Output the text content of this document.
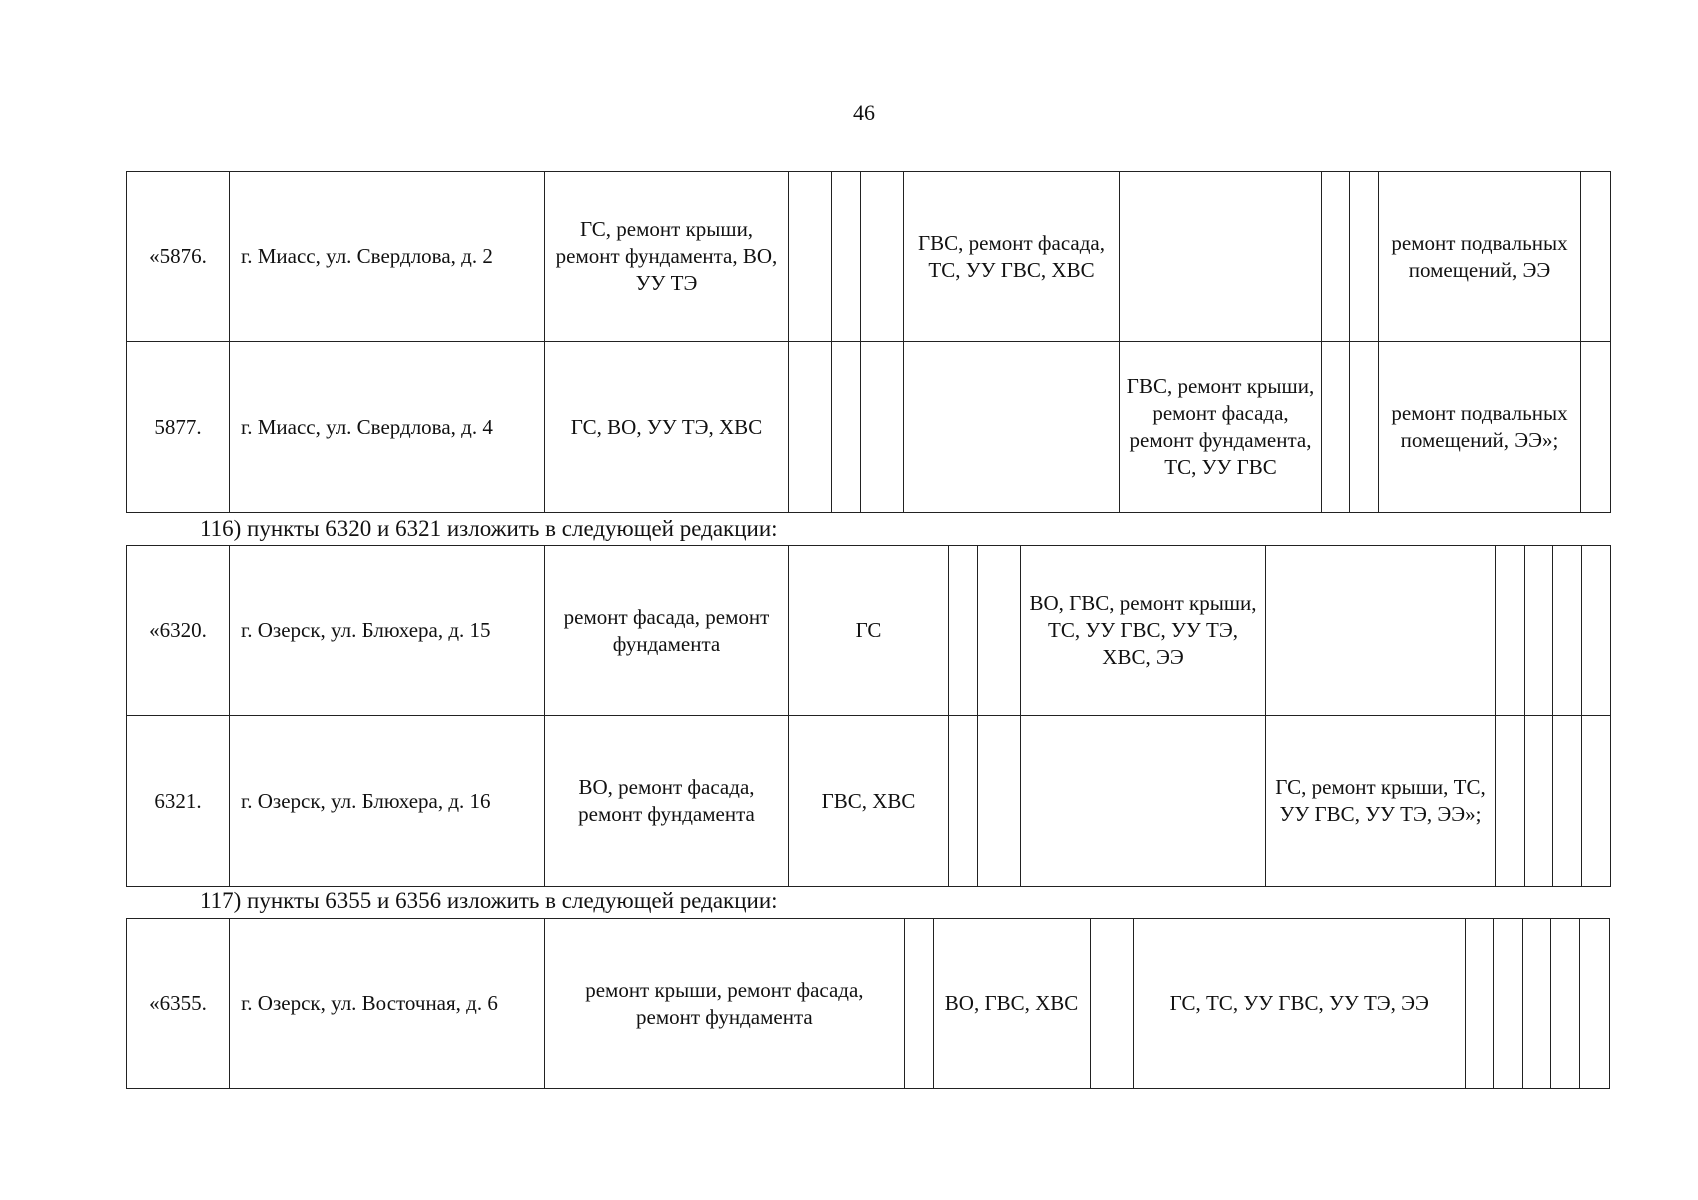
46
«5876.	г. Миасс, ул. Свердлова, д. 2	ГС, ремонт крыши, ремонт фундамента, ВО, УУ ТЭ				ГВС, ремонт фасада, ТС, УУ ГВС, ХВС				ремонт подвальных помещений, ЭЭ	
5877.	г. Миасс, ул. Свердлова, д. 4	ГС, ВО, УУ ТЭ, ХВС					ГВС, ремонт крыши, ремонт фасада, ремонт фундамента, ТС, УУ ГВС			ремонт подвальных помещений, ЭЭ»;	
116) пункты 6320 и 6321 изложить в следующей редакции:
«6320.	г. Озерск, ул. Блюхера, д. 15	ремонт фасада, ремонт фундамента	ГС			ВО, ГВС, ремонт крыши, ТС, УУ ГВС, УУ ТЭ, ХВС, ЭЭ					
6321.	г. Озерск, ул. Блюхера, д. 16	ВО, ремонт фасада, ремонт фундамента	ГВС, ХВС				ГС, ремонт крыши, ТС, УУ ГВС, УУ ТЭ, ЭЭ»;				
117) пункты 6355 и 6356 изложить в следующей редакции:
«6355.	г. Озерск, ул. Восточная, д. 6	ремонт крыши, ремонт фасада, ремонт фундамента		ВО, ГВС, ХВС		ГС, ТС, УУ ГВС, УУ ТЭ, ЭЭ					
